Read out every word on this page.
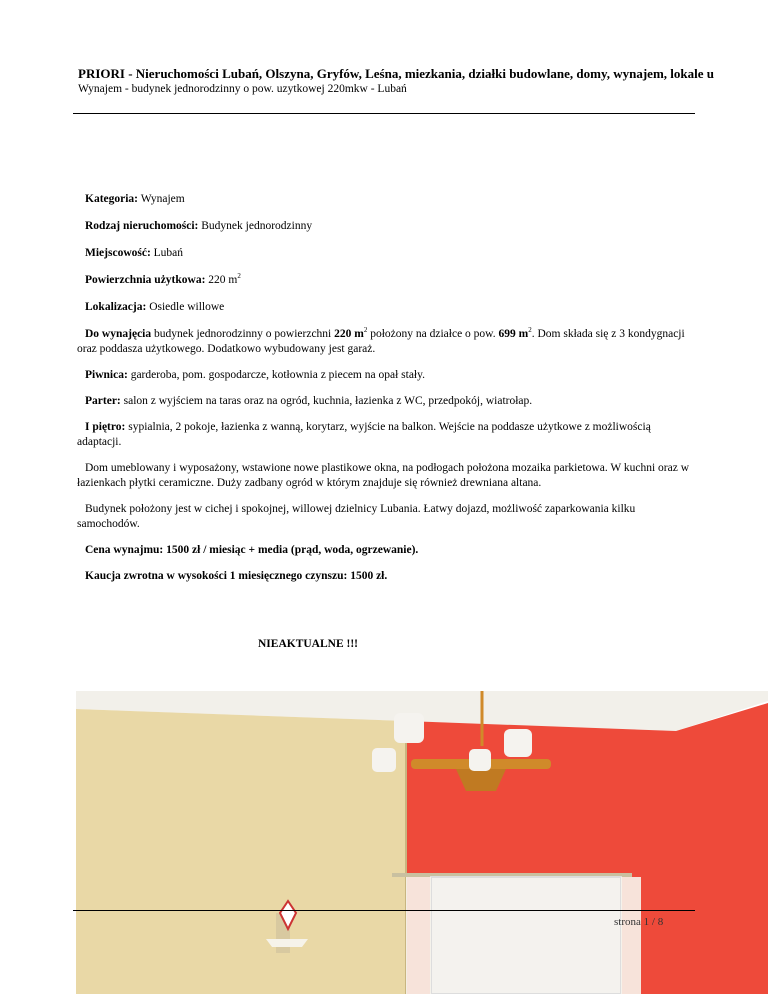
PRIORI - Nieruchomości Lubań, Olszyna, Gryfów, Leśna, miezkania, działki budowlane, domy, wynajem, lokale u
Wynajem - budynek jednorodzinny o pow. uzytkowej 220mkw - Lubań

Kategoria: Wynajem

Rodzaj nieruchomości: Budynek jednorodzinny

Miejscowość: Lubań

Powierzchnia użytkowa: 220 $m^2$

Lokalizacja: Osiedle willowe

Do wynajęcia budynek jednorodzinny o powierzchni 220 $m^2$ położony na działce o pow. 699 $m^2$. Dom składa się z 3 kondygnacji oraz poddasza użytkowego. Dodatkowo wybudowany jest garaż.

Piwnica: garderoba, pom. gospodarcze, kotłownia z piecem na opał stały.

Parter: salon z wyjściem na taras oraz na ogród, kuchnia, łazienka z WC, przedpokój, wiatrołap.

I piętro: sypialnia, 2 pokoje, łazienka z wanną, korytarz, wyjście na balkon. Wejście na poddasze użytkowe z możliwością adaptacji.

Dom umeblowany i wyposażony, wstawione nowe plastikowe okna, na podłogach położona mozaika parkietowa. W kuchni oraz w łazienkach płytki ceramiczne. Duży zadbany ogród w którym znajduje się również drewniana altana.

Budynek położony jest w cichej i spokojnej, willowej dzielnicy Lubania. Łatwy dojazd, możliwość zaparkowania kilku samochodów.

Cena wynajmu: 1500 zł / miesiąc + media (prąd, woda, ogrzewanie).

Kaucja zwrotna w wysokości 1 miesięcznego czynszu: 1500 zł.

NIEAKTUALNE !!!
strona 1 / 8
